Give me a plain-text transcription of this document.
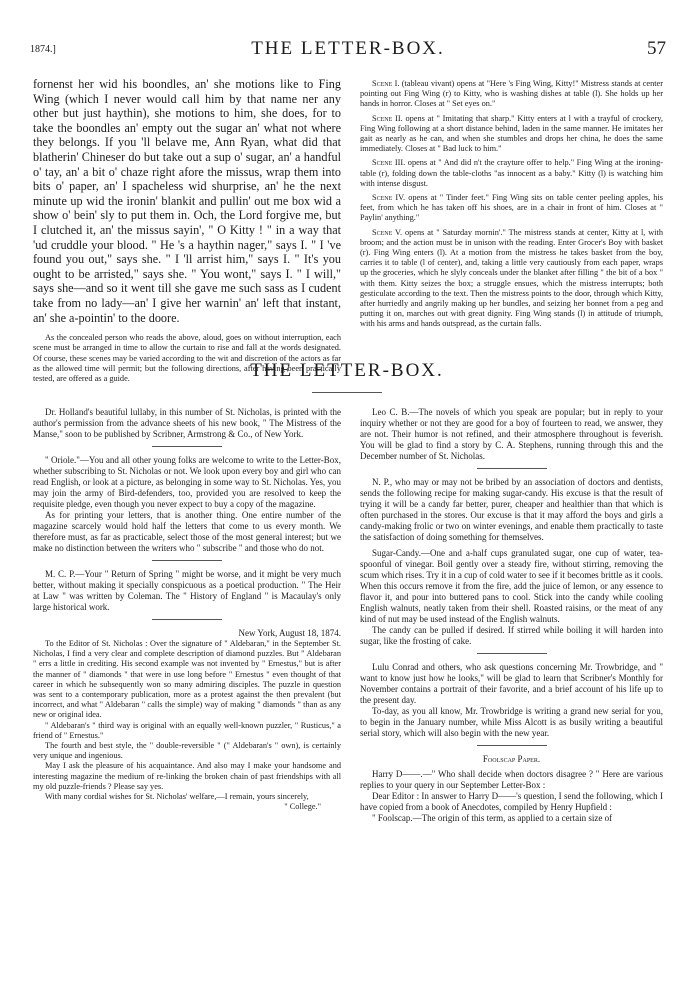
1874.]	THE LETTER-BOX.	57

fornenst her wid his boondles, an' she motions like to Fing Wing (which I never would call him by that name ner any other but just haythin), she motions to him, she does, for to take the boondles an' empty out the sugar an' what not where they belongs. If you 'll belave me, Ann Ryan, what did that blatherin' Chineser do but take out a sup o' sugar, an' a handful o' tay, an' a bit o' chaze right afore the missus, wrap them into bits o' paper, an' I spacheless wid shurprise, an' he the next minute up wid the ironin' blankit and pullin' out me box wid a show o' bein' sly to put them in. Och, the Lord forgive me, but I clutched it, an' the missus sayin', " O Kitty ! " in a way that 'ud cruddle your blood. " He 's a haythin nager," says I. " I 've found you out," says she. " I 'll arrist him," says I. " It's you ought to be arristed," says she. " You wont," says I. " I will," says she—and so it went till she gave me such sass as I cudent take from no lady—an' I give her warnin' an' left that instant, an' she a-pointin' to the doore.

As the concealed person who reads the above, aloud, goes on without interruption, each scene must be arranged in time to allow the curtain to rise and fall at the words designated. Of course, these scenes may be varied according to the wit and discretion of the actors as far as the allowed time will permit; but the following directions, after having been practically tested, are offered as a guide.

Scene I. (tableau vivant) opens at "Here 's Fing Wing, Kitty!" Mistress stands at center pointing out Fing Wing (r) to Kitty, who is washing dishes at table (l). She holds up her hands in horror. Closes at " Set eyes on."

Scene II. opens at " Imitating that sharp." Kitty enters at l with a trayful of crockery, Fing Wing following at a short distance behind, laden in the same manner. He imitates her gait as nearly as he can, and when she stumbles and drops her china, he does the same immediately. Closes at " Bad luck to him."

Scene III. opens at " And did n't the crayture offer to help." Fing Wing at the ironing-table (r), folding down the table-cloths "as innocent as a baby." Kitty (l) is watching him with intense disgust.

Scene IV. opens at " Tinder feet." Fing Wing sits on table center peeling apples, his feet, from which he has taken off his shoes, are in a chair in front of him. Closes at " Paylin' anything."

Scene V. opens at " Saturday mornin'." The mistress stands at center, Kitty at l, with broom; and the action must be in unison with the reading. Enter Grocer's Boy with basket (r). Fing Wing enters (l). At a motion from the mistress he takes basket from the boy, carries it to table (l of center), and, taking a little very cautiously from each paper, wraps up the groceries, which he slyly conceals under the blanket after filling " the bit of a box " with them. Kitty seizes the box; a struggle ensues, which the mistress interrupts; both gesticulate according to the text. Then the mistress points to the door, through which Kitty, after hurriedly and angrily making up her bundles, and seizing her bonnet from a peg and putting it on, marches out with great dignity. Fing Wing stands (l) in attitude of triumph, with his arms and hands outspread, as the curtain falls.

THE LETTER-BOX.

Dr. Holland's beautiful lullaby, in this number of St. Nicholas, is printed with the author's permission from the advance sheets of his new book, " The Mistress of the Manse," soon to be published by Scribner, Armstrong & Co., of New York.

" Oriole."—You and all other young folks are welcome to write to the Letter-Box, whether subscribing to St. Nicholas or not. We look upon every boy and girl who can read English, or look at a picture, as belonging in some way to St. Nicholas. Yes, you may join the army of Bird-defenders, too, provided you are resolved to keep the requisite pledge, even though you never expect to buy a copy of the magazine.

As for printing your letters, that is another thing. One entire number of the magazine scarcely would hold half the letters that come to us every month. We therefore must, as far as practicable, select those of the most general interest; but we make no distinction between the writers who " subscribe " and those who do not.

M. C. P.—Your " Return of Spring " might be worse, and it might be very much better, without making it specially conspicuous as a poetical production. " The Heir at Law " was written by Coleman. The " History of England " is Macaulay's only large historical work.

New York, August 18, 1874.

To the Editor of St. Nicholas : Over the signature of " Aldebaran," in the September St. Nicholas, I find a very clear and complete description of diamond puzzles. But " Aldebaran " errs a little in crediting. His second example was not invented by " Ernestus," but is after the manner of " diamonds " that were in use long before " Ernestus " even thought of that career in which he subsequently won so many admiring disciples. The puzzle in question was sent to a contemporary publication, more as a protest against the then prevalent (but incorrect, and what " Aldebaran " calls the simple) way of making " diamonds " than as any new or original idea.

" Aldebaran's " third way is original with an equally well-known puzzler, " Rusticus," a friend of " Ernestus."

The fourth and best style, the " double-reversible " (" Aldebaran's " own), is certainly very unique and ingenious.

May I ask the pleasure of his acquaintance. And also may I make your handsome and interesting magazine the medium of re-linking the broken chain of past friendships with all my old puzzle-friends ? Please say yes.

With many cordial wishes for St. Nicholas' welfare,—I remain, yours sincerely,

" College."

Leo C. B.—The novels of which you speak are popular; but in reply to your inquiry whether or not they are good for a boy of fourteen to read, we answer, they are not. Their humor is not refined, and their atmosphere throughout is feverish. You will be glad to find a story by C. A. Stephens, running through this and the December number of St. Nicholas.

N. P., who may or may not be bribed by an association of doctors and dentists, sends the following recipe for making sugar-candy. His excuse is that the result of trying it will be a candy far better, purer, cheaper and healthier than that which is often purchased in the stores. Our excuse is that it may afford the boys and girls a candy-making frolic or two on winter evenings, and enable them practically to taste the satisfaction of doing something for themselves.

Sugar-Candy.—One and a-half cups granulated sugar, one cup of water, tea-spoonful of vinegar. Boil gently over a steady fire, without stirring, removing the scum which rises. Try it in a cup of cold water to see if it becomes brittle as it cools. When this occurs remove it from the fire, add the juice of lemon, or any essence to flavor it, and pour into buttered pans to cool. Stick into the candy while cooling English walnuts, neatly taken from their shell. Roasted raisins, or the meat of any kind of nut may be used instead of the English walnuts.

The candy can be pulled if desired. If stirred while boiling it will harden into sugar, like the frosting of cake.

Lulu Conrad and others, who ask questions concerning Mr. Trowbridge, and " want to know just how he looks," will be glad to learn that Scribner's Monthly for November contains a portrait of their favorite, and a brief account of his life up to the present day.

To-day, as you all know, Mr. Trowbridge is writing a grand new serial for you, to begin in the January number, while Miss Alcott is as busily writing a beautiful serial story, which will also begin with the new year.

Foolscap Paper.

Harry D——.—" Who shall decide when doctors disagree ? " Here are various replies to your query in our September Letter-Box :

Dear Editor : In answer to Harry D——'s question, I send the following, which I have copied from a book of Anecdotes, compiled by Henry Hupfield :

" Foolscap.—The origin of this term, as applied to a certain size of
